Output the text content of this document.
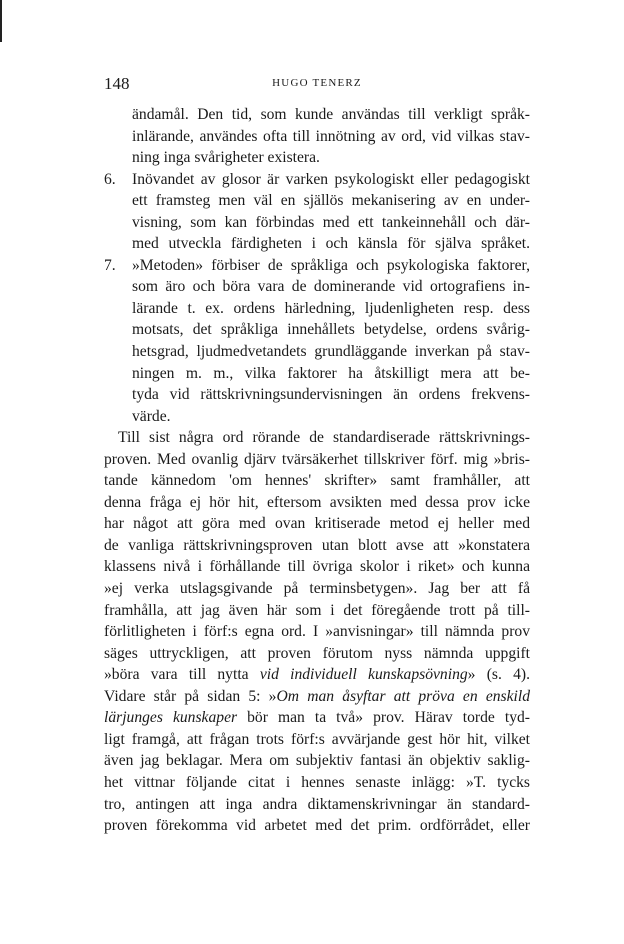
148	HUGO TENERZ
ändamål. Den tid, som kunde användas till verkligt språk-
inlärande, användes ofta till innötning av ord, vid vilkas stav-
ning inga svårigheter existera.
6. Inövandet av glosor är varken psykologiskt eller pedagogiskt
ett framsteg men väl en själlös mekanisering av en under-
visning, som kan förbindas med ett tankeinnehåll och där-
med utveckla färdigheten i och känsla för själva språket.
7. »Metoden» förbiser de språkliga och psykologiska faktorer,
som äro och böra vara de dominerande vid ortografiens in-
lärande t. ex. ordens härledning, ljudenligheten resp. dess
motsats, det språkliga innehållets betydelse, ordens svårig-
hetsgrad, ljudmedvetandets grundläggande inverkan på stav-
ningen m. m., vilka faktorer ha åtskilligt mera att be-
tyda vid rättskrivningsundervisningen än ordens frekvens-
värde.
Till sist några ord rörande de standardiserade rättskrivnings-
proven. Med ovanlig djärv tvärsäkerhet tillskriver förf. mig »bris-
tande kännedom 'om hennes' skrifter» samt framhåller, att
denna fråga ej hör hit, eftersom avsikten med dessa prov icke
har något att göra med ovan kritiserade metod ej heller med
de vanliga rättskrivningsproven utan blott avse att »konstatera
klassens nivå i förhållande till övriga skolor i riket» och kunna
»ej verka utslagsgivande på terminsbetygen». Jag ber att få
framhålla, att jag även här som i det föregående trott på till-
förlitligheten i förf:s egna ord. I »anvisningar» till nämnda prov
säges uttryckligen, att proven förutom nyss nämnda uppgift
»böra vara till nytta vid individuell kunskapsövning» (s. 4).
Vidare står på sidan 5: »Om man åsyftar att pröva en enskild
lärjunges kunskaper bör man ta två» prov. Härav torde tyd-
ligt framgå, att frågan trots förf:s avvärjande gest hör hit, vilket
även jag beklagar. Mera om subjektiv fantasi än objektiv saklig-
het vittnar följande citat i hennes senaste inlägg: »T. tycks
tro, antingen att inga andra diktamenskrivningar än standard-
proven förekomma vid arbetet med det prim. ordförrådet, eller
